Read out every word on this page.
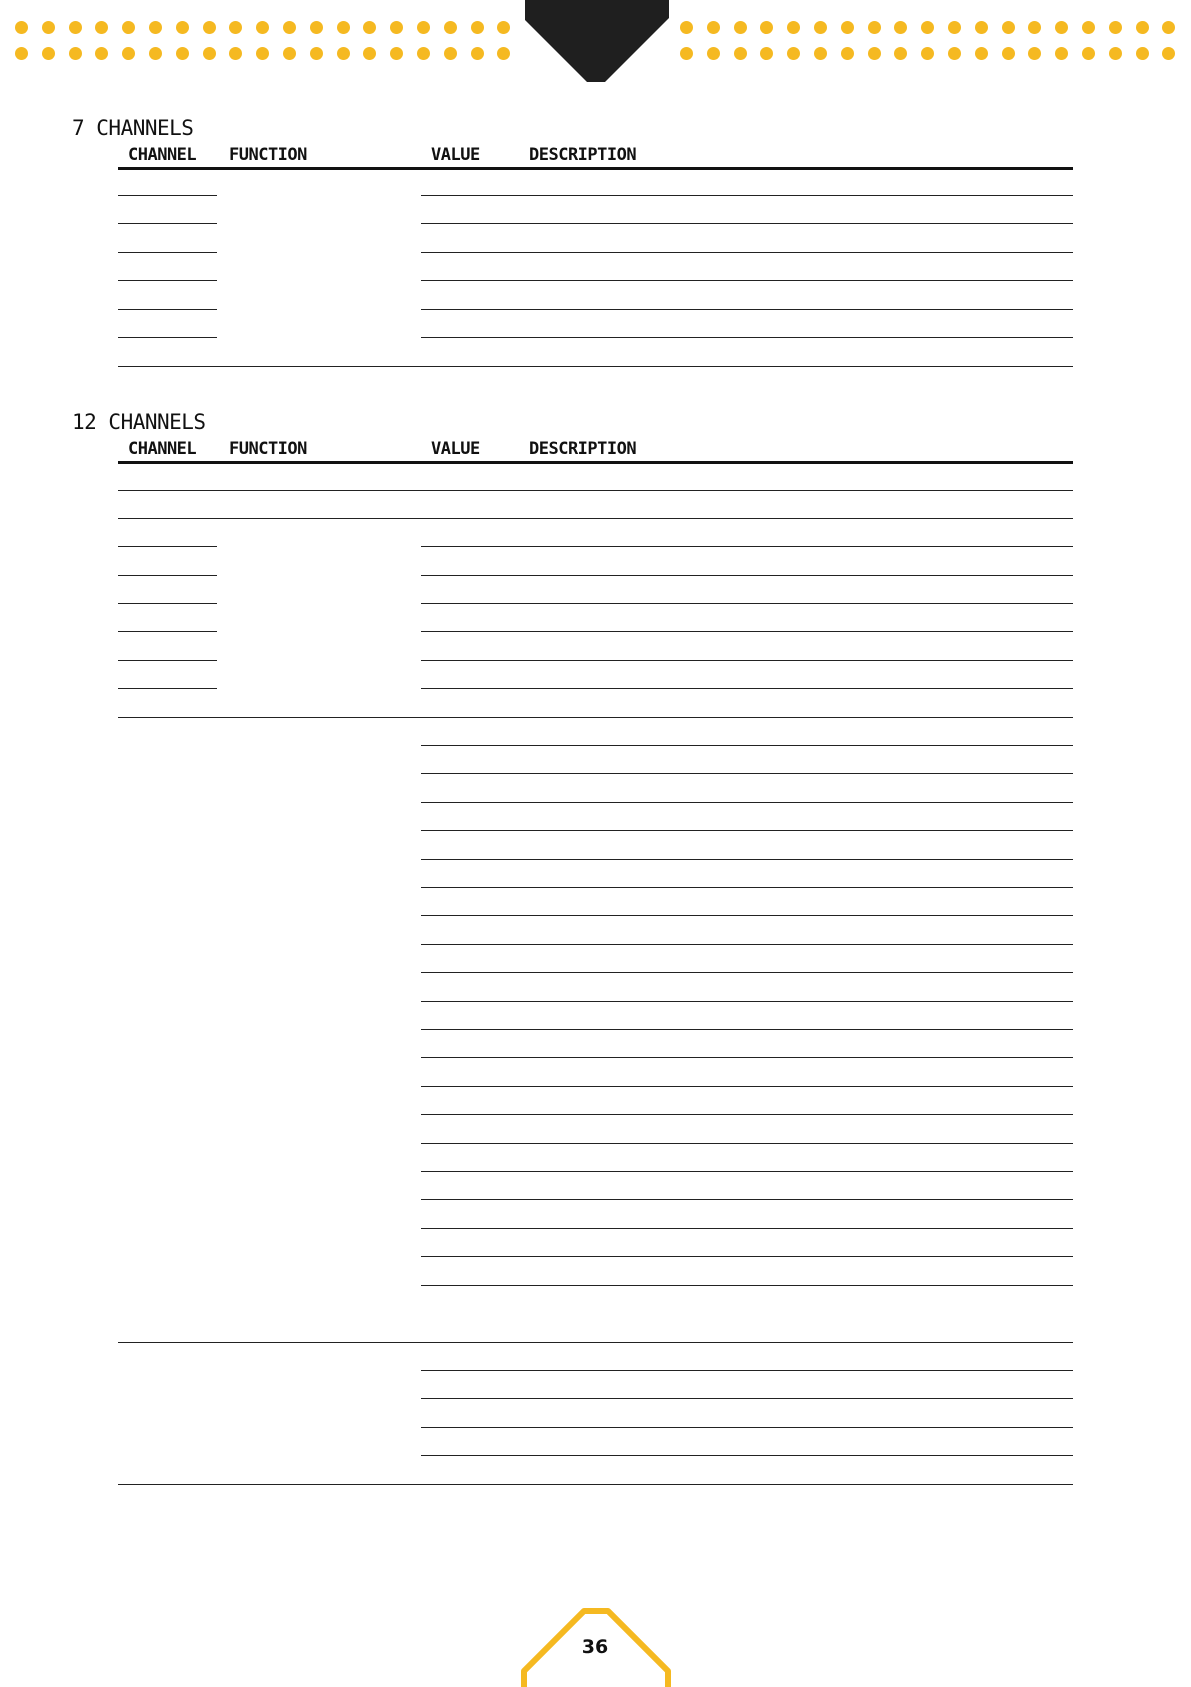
7 CHANNELS
CHANNEL FUNCTION	VALUE	DESCRIPTION
12 CHANNELS
CHANNEL FUNCTION	VALUE	DESCRIPTION
36
